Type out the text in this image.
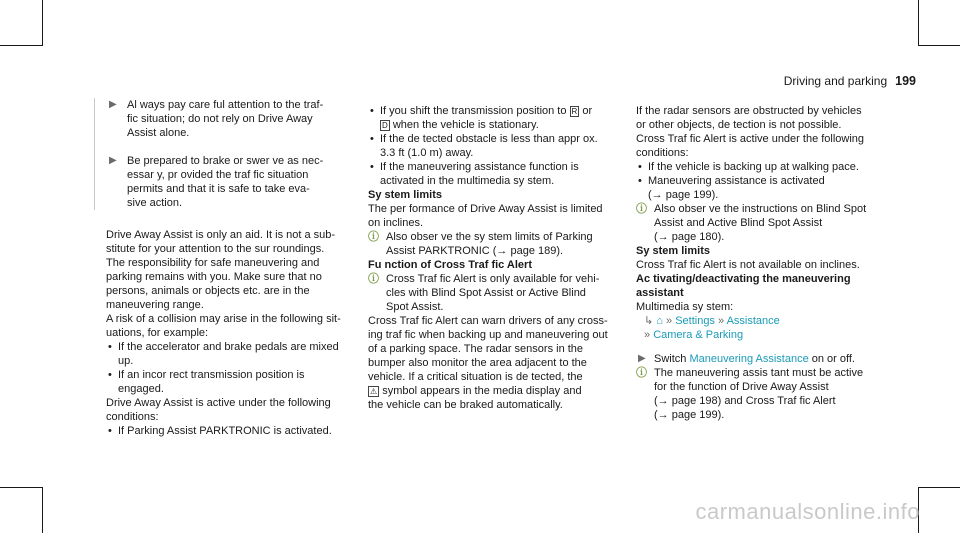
Driving and parking 199
▶ Al ways pay care ful attention to the traf‐

fic situation; do not rely on Drive Away

Assist alone.

▶ Be prepared to brake or swer ve as nec‐

essar y, pr ovided the traf fic situation

permits and that it is safe to take eva‐

sive action.

Drive Away Assist is only an aid. It is not a sub‐

stitute for your attention to the sur roundings.

The responsibility for safe maneuvering and

parking remains with you. Make sure that no

persons, animals or objects etc. are in the

maneuvering range.

A risk of a collision may arise in the following sit‐

uations, for example:

• If the accelerator and brake pedals are mixed
up.
• If an incor rect transmission position is
engaged.

Drive Away Assist is active under the following

conditions:

• If Parking Assist PARKTRONIC is activated.
• If you shift the transmission position to R or
D when the vehicle is stationary.
• If the de tected obstacle is less than appr ox.
3.3 ft (1.0 m) away.
• If the maneuvering assistance function is
activated in the multimedia sy stem.

Sy stem limits

The per formance of Drive Away Assist is limited

on inclines.

ⓘ Also obser ve the sy stem limits of Parking

Assist PARKTRONIC (→ page 189).

Fu nction of Cross Traf fic Alert

ⓘ Cross Traf fic Alert is only available for vehi‐

cles with Blind Spot Assist or Active Blind

Spot Assist.

Cross Traf fic Alert can warn drivers of any cross‐

ing traf fic when backing up and maneuvering out

of a parking space. The radar sensors in the

bumper also monitor the area adjacent to the

vehicle. If a critical situation is de tected, the

⚠ symbol appears in the media display and

the vehicle can be braked automatically.

If the radar sensors are obstructed by vehicles

or other objects, de tection is not possible.

Cross Traf fic Alert is active under the following

conditions:

• If the vehicle is backing up at walking pace.
• Maneuvering assistance is activated
(→ page 199).
ⓘ Also obser ve the instructions on Blind Spot

Assist and Active Blind Spot Assist

(→ page 180).

Sy stem limits

Cross Traf fic Alert is not available on inclines.

Ac tivating/deactivating the maneuvering

assistant

Multimedia sy stem:

↳ ⌂ » Settings » Assistance

» Camera & Parking

▶ Switch Maneuvering Assistance on or off.
ⓘ The maneuvering assis tant must be active

for the function of Drive Away Assist

(→ page 198) and Cross Traf fic Alert

(→ page 199).

carmanualsonline.info
